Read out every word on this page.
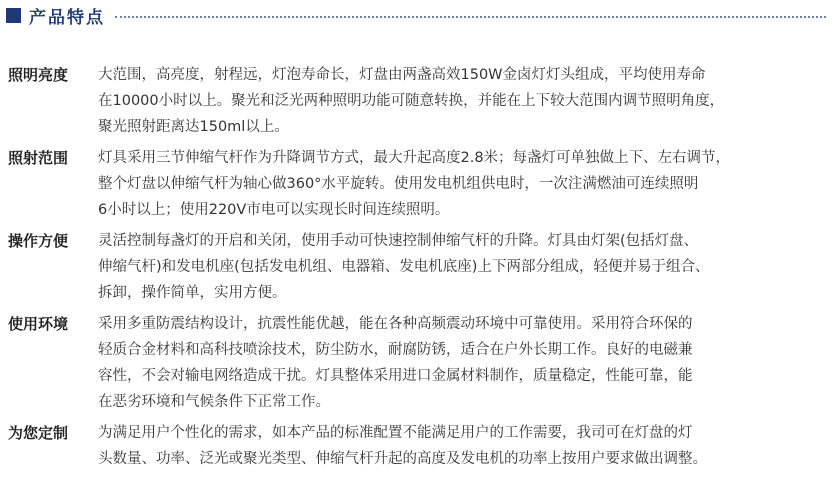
产品特点
照明亮度	大范围，高亮度，射程远，灯泡寿命长，灯盘由两盏高效150W金卤灯灯头组成，平均使用寿命
在10000小时以上。聚光和泛光两种照明功能可随意转换，并能在上下较大范围内调节照明角度，
聚光照射距离达150ml以上。
照射范围	灯具采用三节伸缩气杆作为升降调节方式，最大升起高度2.8米；每盏灯可单独做上下、左右调节，
整个灯盘以伸缩气杆为轴心做360°水平旋转。使用发电机组供电时，一次注满燃油可连续照明
6小时以上；使用220V市电可以实现长时间连续照明。
操作方便	灵活控制每盏灯的开启和关闭，使用手动可快速控制伸缩气杆的升降。灯具由灯架(包括灯盘、
伸缩气杆)和发电机座(包括发电机组、电器箱、发电机底座)上下两部分组成，轻便并易于组合、
拆卸，操作简单，实用方便。
使用环境	采用多重防震结构设计，抗震性能优越，能在各种高频震动环境中可靠使用。采用符合环保的
轻质合金材料和高科技喷涂技术，防尘防水，耐腐防锈，适合在户外长期工作。良好的电磁兼
容性，不会对输电网络造成干扰。灯具整体采用进口金属材料制作，质量稳定，性能可靠，能
在恶劣环境和气候条件下正常工作。
为您定制	为满足用户个性化的需求，如本产品的标准配置不能满足用户的工作需要，我司可在灯盘的灯
头数量、功率、泛光或聚光类型、伸缩气杆升起的高度及发电机的功率上按用户要求做出调整。
